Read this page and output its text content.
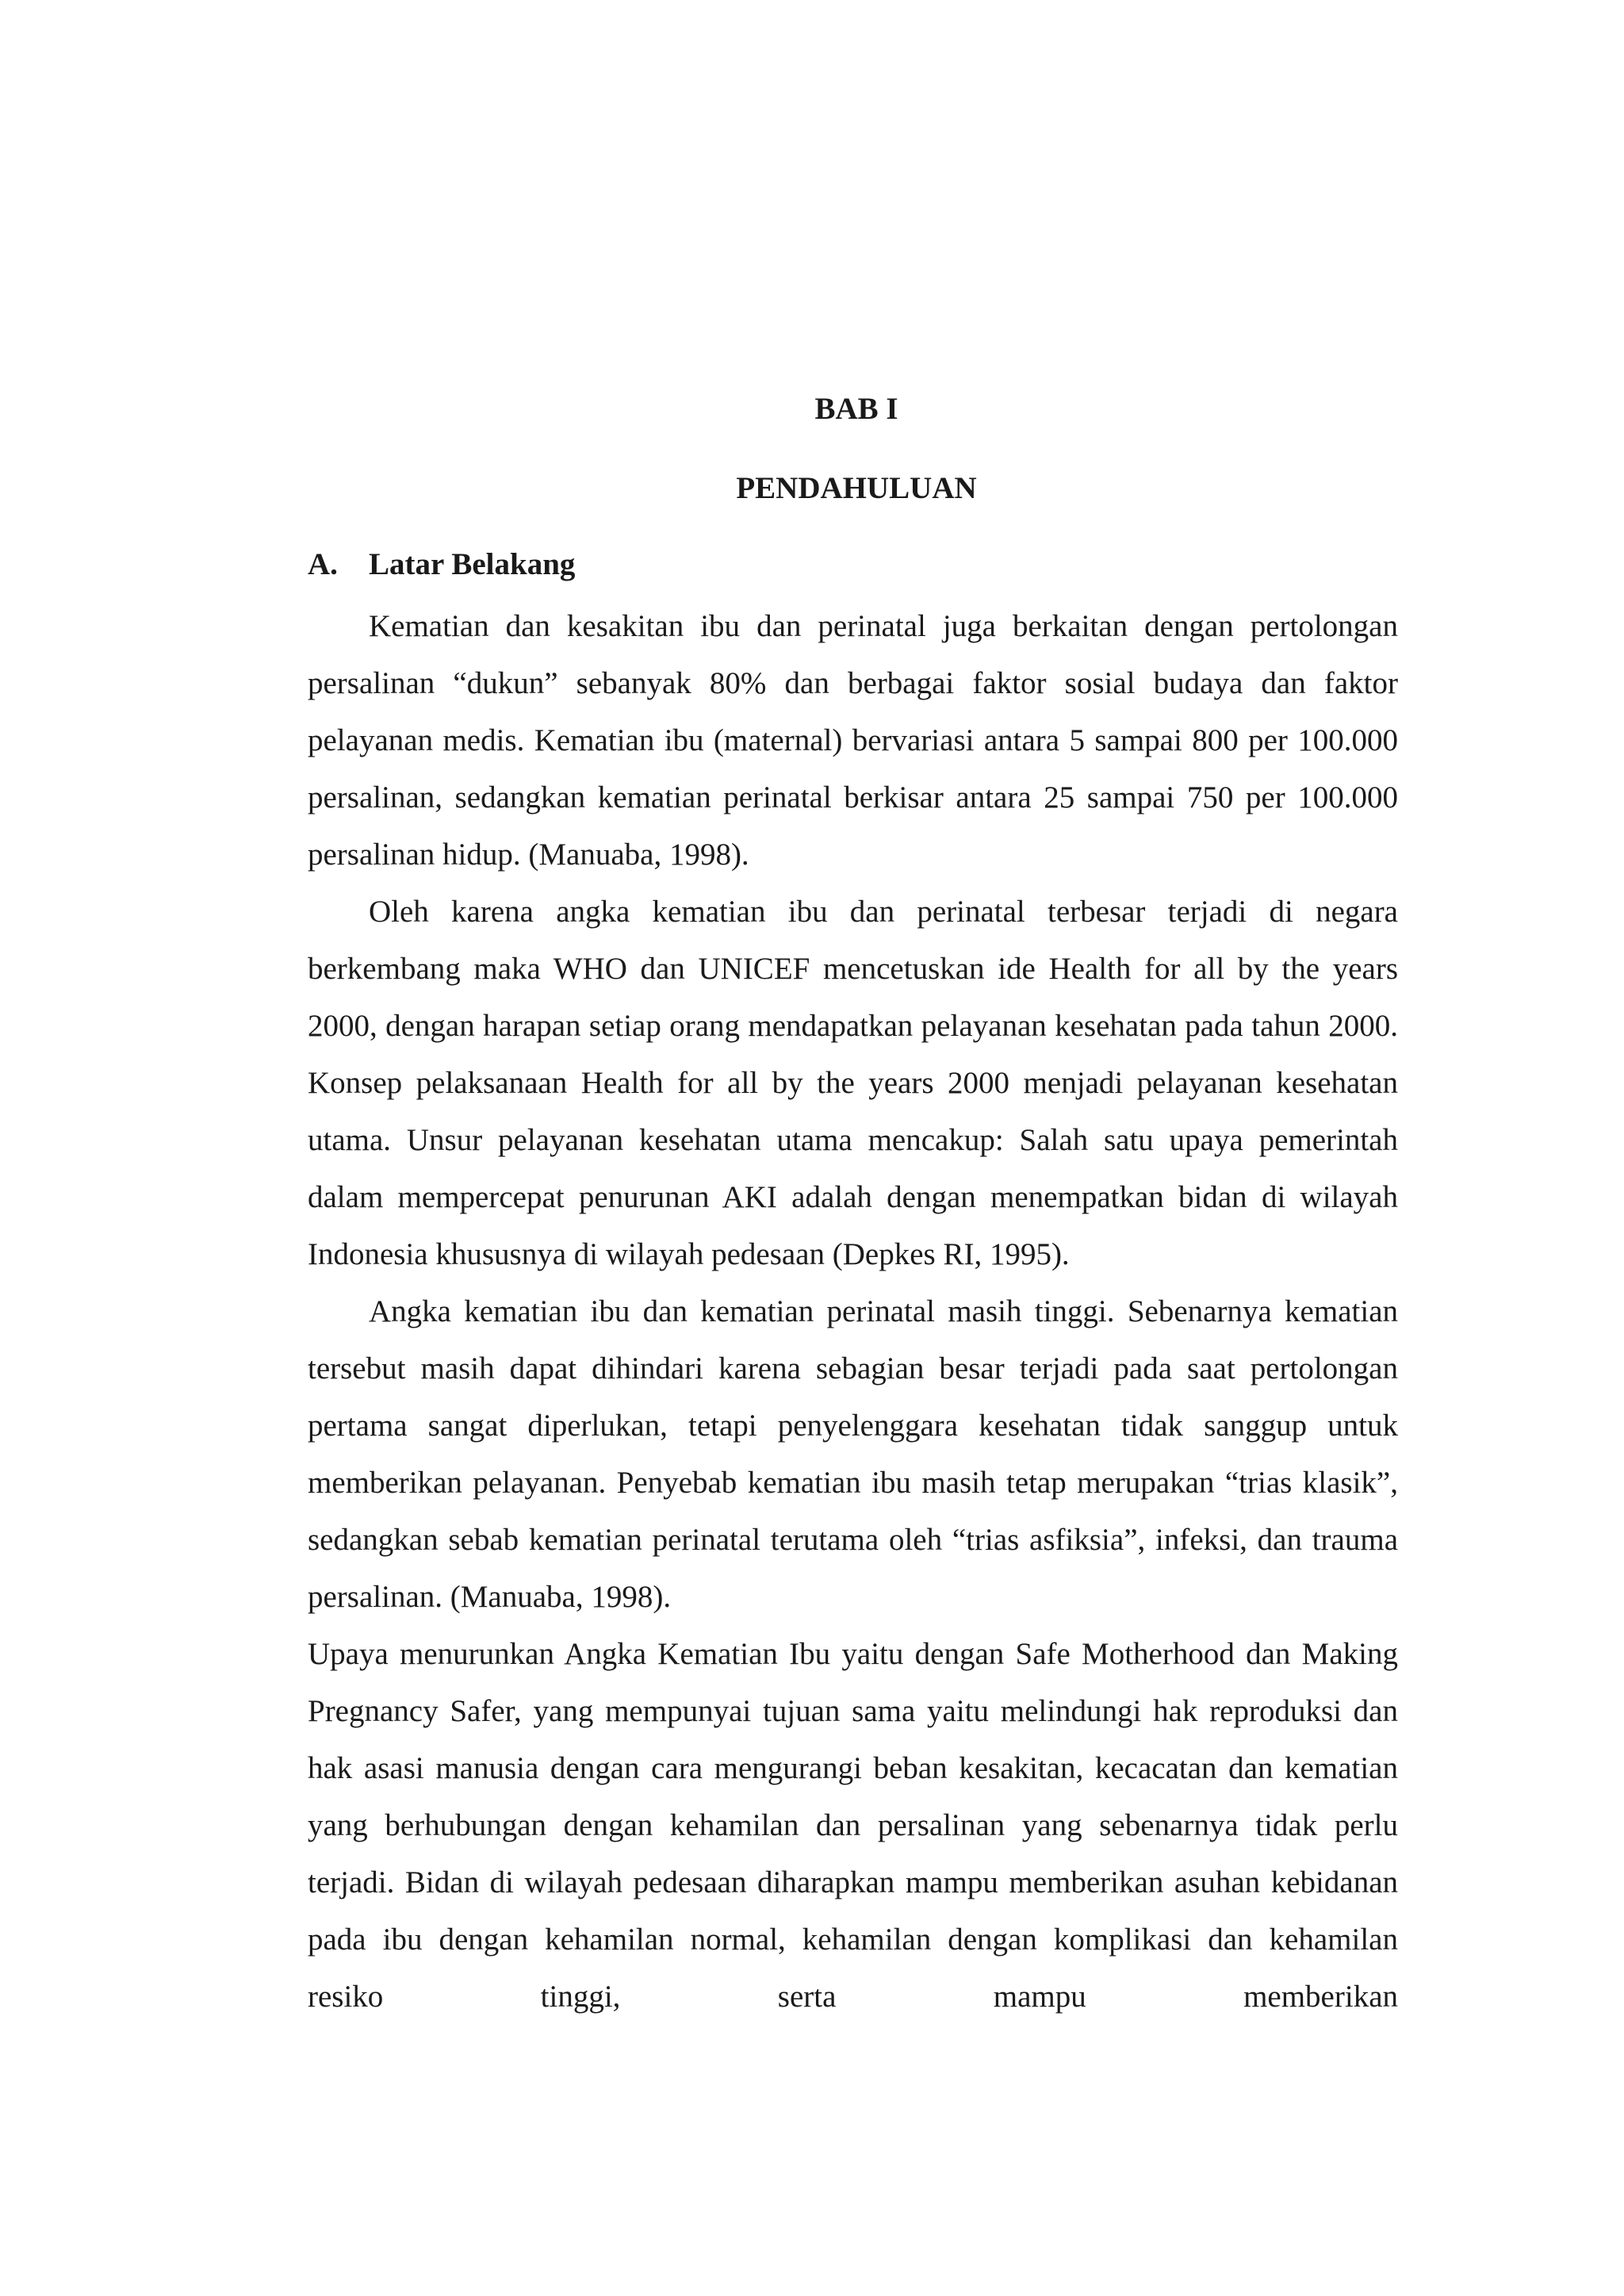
BAB I
PENDAHULUAN
A. Latar Belakang

Kematian dan kesakitan ibu dan perinatal juga berkaitan dengan pertolongan persalinan “dukun” sebanyak 80% dan berbagai faktor sosial budaya dan faktor pelayanan medis. Kematian ibu (maternal) bervariasi antara 5 sampai 800 per 100.000 persalinan, sedangkan kematian perinatal berkisar antara 25 sampai 750 per 100.000 persalinan hidup. (Manuaba, 1998).

Oleh karena angka kematian ibu dan perinatal terbesar terjadi di negara berkembang maka WHO dan UNICEF mencetuskan ide Health for all by the years 2000, dengan harapan setiap orang mendapatkan pelayanan kesehatan pada tahun 2000. Konsep pelaksanaan Health for all by the years 2000 menjadi pelayanan kesehatan utama. Unsur pelayanan kesehatan utama mencakup: Salah satu upaya pemerintah dalam mempercepat penurunan AKI adalah dengan menempatkan bidan di wilayah Indonesia khususnya di wilayah pedesaan (Depkes RI, 1995).

Angka kematian ibu dan kematian perinatal masih tinggi. Sebenarnya kematian tersebut masih dapat dihindari karena sebagian besar terjadi pada saat pertolongan pertama sangat diperlukan, tetapi penyelenggara kesehatan tidak sanggup untuk memberikan pelayanan. Penyebab kematian ibu masih tetap merupakan “trias klasik”, sedangkan sebab kematian perinatal terutama oleh “trias asfiksia”, infeksi, dan trauma persalinan. (Manuaba, 1998).

Upaya menurunkan Angka Kematian Ibu yaitu dengan Safe Motherhood dan Making Pregnancy Safer, yang mempunyai tujuan sama yaitu melindungi hak reproduksi dan hak asasi manusia dengan cara mengurangi beban kesakitan, kecacatan dan kematian yang berhubungan dengan kehamilan dan persalinan yang sebenarnya tidak perlu terjadi. Bidan di wilayah pedesaan diharapkan mampu memberikan asuhan kebidanan pada ibu dengan kehamilan normal, kehamilan dengan komplikasi dan kehamilan resiko tinggi, serta mampu memberikan
